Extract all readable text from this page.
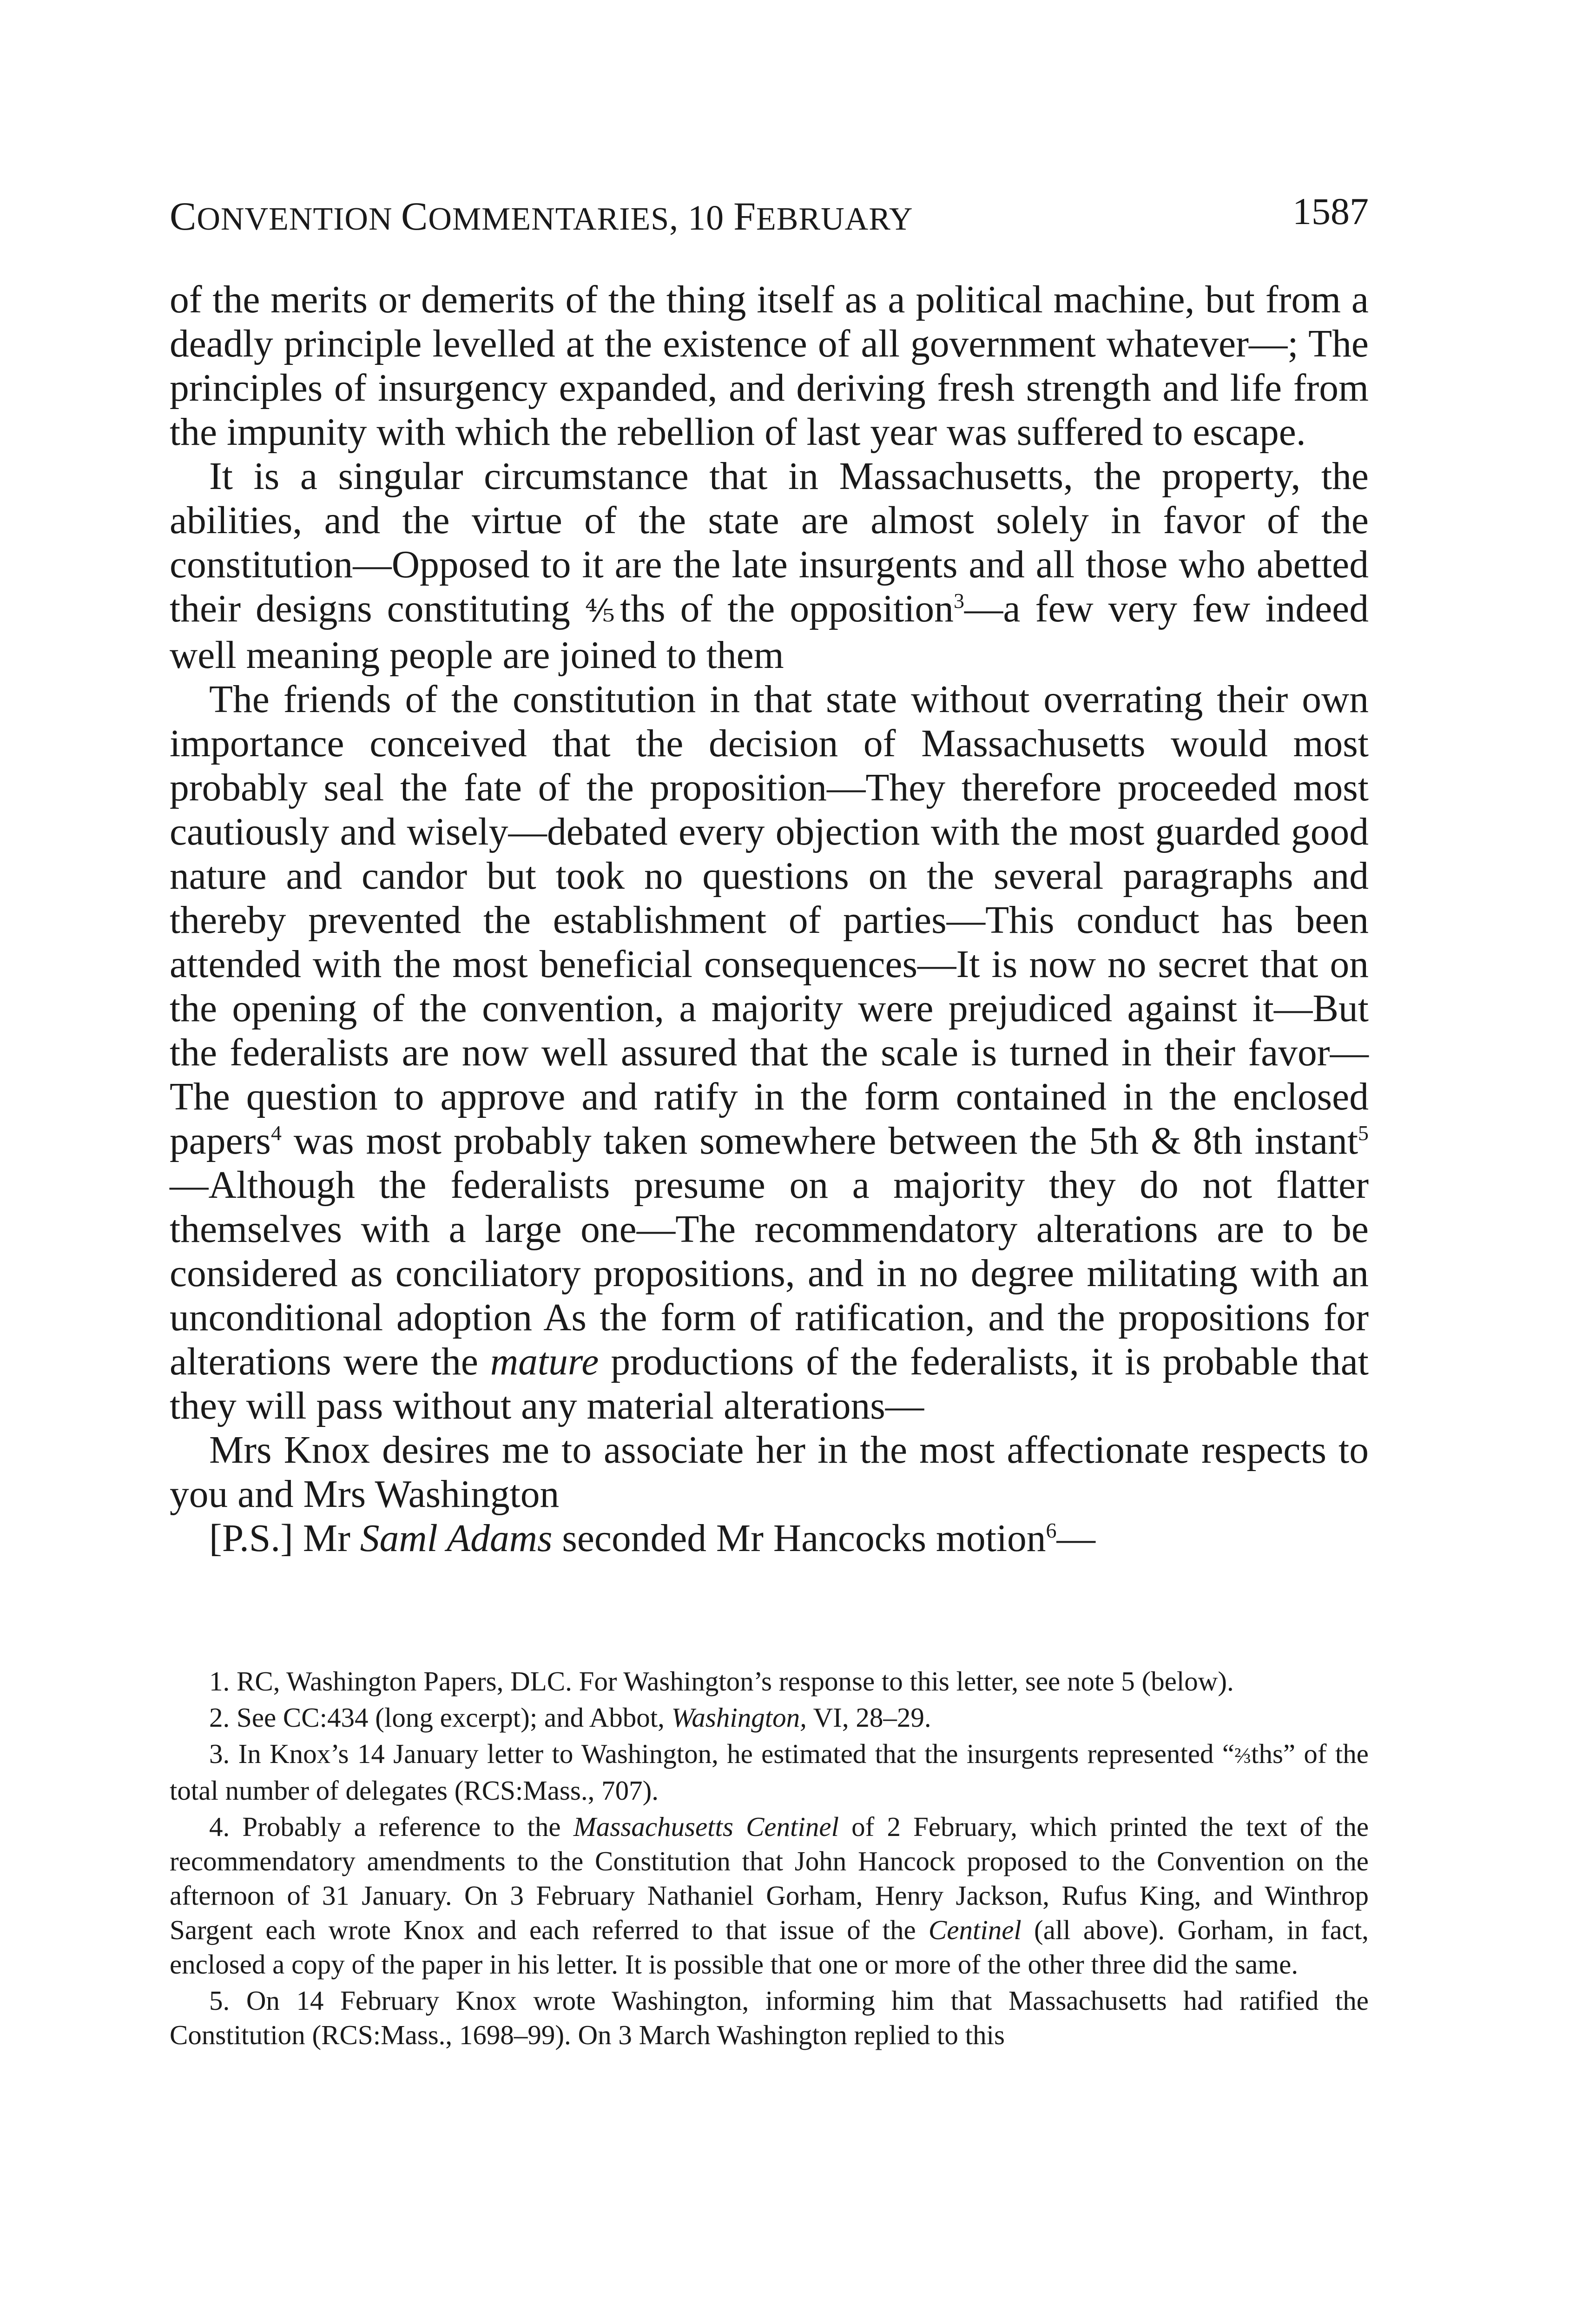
CONVENTION COMMENTARIES, 10 FEBRUARY	1587

of the merits or demerits of the thing itself as a political machine, but from a deadly principle levelled at the existence of all government whatever—; The principles of insurgency expanded, and deriving fresh strength and life from the impunity with which the rebellion of last year was suffered to escape.

It is a singular circumstance that in Massachusetts, the property, the abilities, and the virtue of the state are almost solely in favor of the constitution—Opposed to it are the late insurgents and all those who abetted their designs constituting ⅘ths of the opposition$^3$—a few very few indeed well meaning people are joined to them

The friends of the constitution in that state without overrating their own importance conceived that the decision of Massachusetts would most probably seal the fate of the proposition—They therefore proceeded most cautiously and wisely—debated every objection with the most guarded good nature and candor but took no questions on the several paragraphs and thereby prevented the establishment of parties—This conduct has been attended with the most beneficial consequences—It is now no secret that on the opening of the convention, a majority were prejudiced against it—But the federalists are now well assured that the scale is turned in their favor—The question to approve and ratify in the form contained in the enclosed papers$^4$ was most probably taken somewhere between the 5th & 8th instant$^5$—Although the federalists presume on a majority they do not flatter themselves with a large one—The recommendatory alterations are to be considered as conciliatory propositions, and in no degree militating with an unconditional adoption As the form of ratification, and the propositions for alterations were the mature productions of the federalists, it is probable that they will pass without any material alterations—

Mrs Knox desires me to associate her in the most affectionate respects to you and Mrs Washington

[P.S.] Mr Saml Adams seconded Mr Hancocks motion$^6$—

1. RC, Washington Papers, DLC. For Washington’s response to this letter, see note 5 (below).

2. See CC:434 (long excerpt); and Abbot, Washington, VI, 28–29.

3. In Knox’s 14 January letter to Washington, he estimated that the insurgents represented “⅔ths” of the total number of delegates (RCS:Mass., 707).

4. Probably a reference to the Massachusetts Centinel of 2 February, which printed the text of the recommendatory amendments to the Constitution that John Hancock proposed to the Convention on the afternoon of 31 January. On 3 February Nathaniel Gorham, Henry Jackson, Rufus King, and Winthrop Sargent each wrote Knox and each referred to that issue of the Centinel (all above). Gorham, in fact, enclosed a copy of the paper in his letter. It is possible that one or more of the other three did the same.

5. On 14 February Knox wrote Washington, informing him that Massachusetts had ratified the Constitution (RCS:Mass., 1698–99). On 3 March Washington replied to this
